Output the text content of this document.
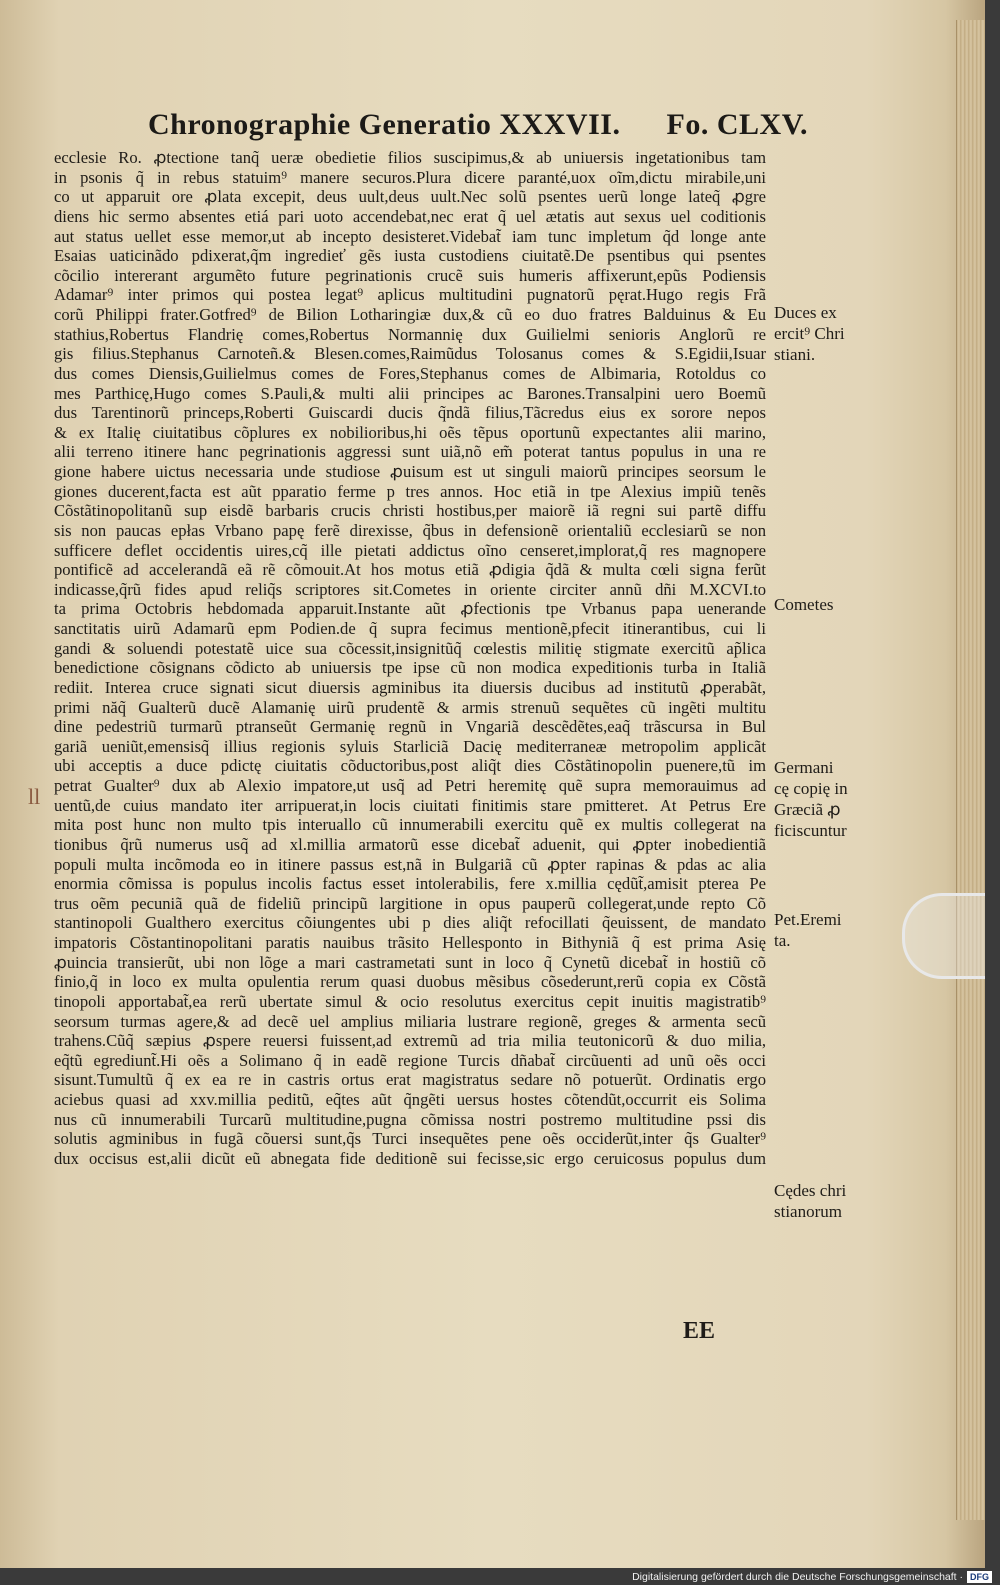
Chronographie Generatio XXXVII. Fo. CLXV.
ll
ecclesie Ro. ꝓtectione tanq̃ ueræ obedietie filios suscipimus,& ab uniuersis ingetationibus tam
in psonis q̃ in rebus statuim⁹ manere securos.Plura dicere paranté,uox oĩm,dictu mirabile,uni
co ut apparuit ore ꝓlata excepit, deus uult,deus uult.Nec solũ psentes uerũ longe lateq̃ ꝓgre
diens hic sermo absentes etiá pari uoto accendebat,nec erat q̃ uel ætatis aut sexus uel coditionis
aut status uellet esse memor,ut ab incepto desisteret.Videbat̃ iam tunc impletum q̃d longe ante
Esaias uaticinãdo pdixerat,q̃m ingredieť gẽs iusta custodiens ciuitatẽ.De psentibus qui psentes
cõcilio intererant argumẽto future pegrinationis crucẽ suis humeris affixerunt,epũs Podiensis
Adamar⁹ inter primos qui postea legat⁹ aplicus multitudini pugnatorũ pęrat.Hugo regis Frã
corũ Philippi frater.Gotfred⁹ de Bilion Lotharingiæ dux,& cũ eo duo fratres Balduinus & Eu
stathius,Robertus Flandrię comes,Robertus Normannię dux Guilielmi senioris Anglorũ re
gis filius.Stephanus Carnoteñ.& Blesen.comes,Raimũdus Tolosanus comes & S.Egidii,Isuar
dus comes Diensis,Guilielmus comes de Fores,Stephanus comes de Albimaria, Rotoldus co
mes Parthicę,Hugo comes S.Pauli,& multi alii principes ac Barones.Transalpini uero Boemũ
dus Tarentinorũ princeps,Roberti Guiscardi ducis q̃ndã filius,Tãcredus eius ex sorore nepos
& ex Italię ciuitatibus cõplures ex nobilioribus,hi oẽs tẽpus oportunũ expectantes alii marino,
alii terreno itinere hanc pegrinationis aggressi sunt uiã,nõ em̃ poterat tantus populus in una re
gione habere uictus necessaria unde studiose ꝓuisum est ut singuli maiorũ principes seorsum le
giones ducerent,facta est aũt pparatio ferme p tres annos. Hoc etiã in tpe Alexius impiũ tenẽs
Cõstãtinopolitanũ sup eisdẽ barbaris crucis christi hostibus,per maiorẽ iã regni sui partẽ diffu
sis non paucas epłas Vrbano papę ferẽ direxisse, q̃bus in defensionẽ orientaliũ ecclesiarũ se non
sufficere deflet occidentis uires,cq̃ ille pietati addictus oĩno censeret,implorat,q̃ res magnopere
pontificẽ ad accelerandã eã rẽ cõmouit.At hos motus etiã ꝓdigia q̃dã & multa cœli signa ferũt
indicasse,q̃rũ fides apud reliq̃s scriptores sit.Cometes in oriente circiter annũ dñi M.XCVI.to
ta prima Octobris hebdomada apparuit.Instante aũt ꝓfectionis tpe Vrbanus papa uenerande
sanctitatis uirũ Adamarũ epm Podien.de q̃ supra fecimus mentionẽ,pfecit itinerantibus, cui li
gandi & soluendi potestatẽ uice sua cõcessit,insignitũq̃ cœlestis militię stigmate exercitũ ap̃lica
benedictione cõsignans cõdicto ab uniuersis tpe ipse cũ non modica expeditionis turba in Italiã
rediit. Interea cruce signati sicut diuersis agminibus ita diuersis ducibus ad institutũ ꝓperabãt,
primi năq̃ Gualterũ ducẽ Alamanię uirũ prudentẽ & armis strenuũ sequẽtes cũ ingẽti multitu
dine pedestriũ turmarũ ptranseũt Germanię regnũ in Vngariã descẽdẽtes,eaq̃ trãscursa in Bul
gariã ueniũt,emensisq̃ illius regionis syluis Starliciã Dacię mediterraneæ metropolim applicãt
ubi acceptis a duce pdictę ciuitatis cõductoribus,post aliq̃t dies Cõstãtinopolin puenere,tũ im
petrat Gualter⁹ dux ab Alexio impatore,ut usq̃ ad Petri heremitę quẽ supra memorauimus ad
uentũ,de cuius mandato iter arripuerat,in locis ciuitati finitimis stare pmitteret. At Petrus Ere
mita post hunc non multo tpis interuallo cũ innumerabili exercitu quẽ ex multis collegerat na
tionibus q̃rũ numerus usq̃ ad xl.millia armatorũ esse dicebat̃ aduenit, qui ꝓpter inobedientiã
populi multa incõmoda eo in itinere passus est,nã in Bulgariã cũ ꝓpter rapinas & pdas ac alia
enormia cõmissa is populus incolis factus esset intolerabilis, fere x.millia cędũt̃,amisit pterea Pe
trus oẽm pecuniã quã de fideliũ principũ largitione in opus pauperũ collegerat,unde repto Cõ
stantinopoli Gualthero exercitus cõiungentes ubi p dies aliq̃t refocillati q̃euissent, de mandato
impatoris Cõstantinopolitani paratis nauibus trãsito Hellesponto in Bithyniã q̃ est prima Asię
ꝓuincia transierũt, ubi non lõge a mari castrametati sunt in loco q̃ Cynetũ dicebat̃ in hostiũ cõ
finio,q̃ in loco ex multa opulentia rerum quasi duobus mẽsibus cõsederunt,rerũ copia ex Cõstã
tinopoli apportabat̃,ea rerũ ubertate simul & ocio resolutus exercitus cepit inuitis magistratib⁹
seorsum turmas agere,& ad decẽ uel amplius miliaria lustrare regionẽ, greges & armenta secũ
trahens.Cũq̃ sæpius ꝓspere reuersi fuissent,ad extremũ ad tria milia teutonicorũ & duo milia,
eq̃tũ egrediunt̃.Hi oẽs a Solimano q̃ in eadẽ regione Turcis dñabat̃ circũuenti ad unũ oẽs occi
sisunt.Tumultũ q̃ ex ea re in castris ortus erat magistratus sedare nõ potuerũt. Ordinatis ergo
aciebus quasi ad xxv.millia peditũ, eq̃tes aũt q̃ngẽti uersus hostes cõtendũt,occurrit eis Solima
nus cũ innumerabili Turcarũ multitudine,pugna cõmissa nostri postremo multitudine pssi dis
solutis agminibus in fugã cõuersi sunt,q̃s Turci insequẽtes pene oẽs occiderũt,inter q̃s Gualter⁹
dux occisus est,alii dicũt eũ abnegata fide deditionẽ sui fecisse,sic ergo ceruicosus populus dum
Duces ex
ercit⁹ Chri
stiani.
Cometes
Germani
cę copię in
Græciã ꝓ
ficiscuntur
Pet.Eremi
ta.
Cędes chri
stianorum
EE
Digitalisierung gefördert durch die Deutsche Forschungsgemeinschaft · DFG
